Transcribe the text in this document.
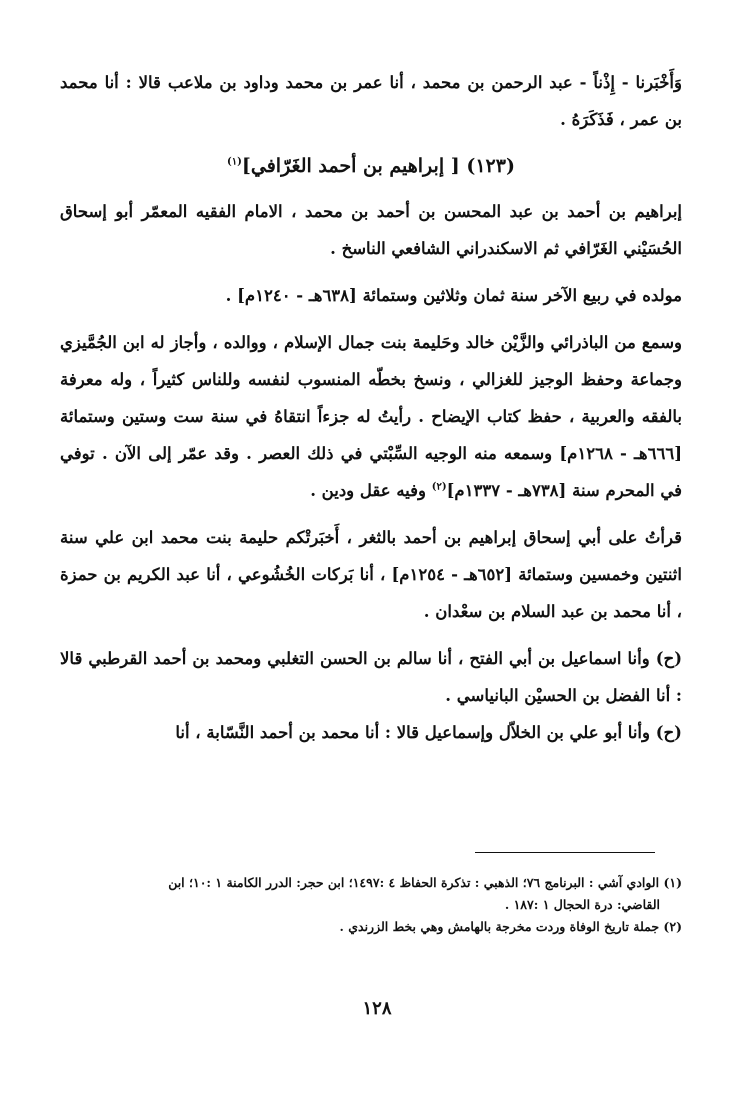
وَأَخْبَرنا - إِذْناً - عبد الرحمن بن محمد ، أنا عمر بن محمد وداود بن ملاعب قالا : أنا محمد بن عمر ، فَذَكَرَهُ .

(١٢٣) [ إبراهيم بن أحمد الغَرّافي]$^{(١)}$

إبراهيم بن أحمد بن عبد المحسن بن أحمد بن محمد ، الامام الفقيه المعمّر أبو إسحاق الحُسَيْني الغَرّافي ثم الاسكندراني الشافعي الناسخ .

مولده في ربيع الآخر سنة ثمان وثلاثين وستمائة [٦٣٨هـ - ١٢٤٠م] .

وسمع من الباذرائي والزَّيْن خالد وحَليمة بنت جمال الإسلام ، ووالده ، وأجاز له ابن الجُمَّيزي وجماعة وحفظ الوجيز للغزالي ، ونسخ بخطّه المنسوب لنفسه وللناس كثيراً ، وله معرفة بالفقه والعربية ، حفظ كتاب الإيضاح . رأيتُ له جزءاً انتقاهُ في سنة ست وستين وستمائة [٦٦٦هـ - ١٢٦٨م] وسمعه منه الوجيه السِّبْتي في ذلك العصر . وقد عمّر إلى الآن . توفي في المحرم سنة [٧٣٨هـ - ١٣٣٧م]$^{(٢)}$ وفيه عقل ودين .

قرأتُ على أبي إسحاق إبراهيم بن أحمد بالثغر ، أَخبَرتْكم حليمة بنت محمد ابن علي سنة اثنتين وخمسين وستمائة [٦٥٢هـ - ١٢٥٤م] ، أنا بَركات الخُشُوعي ، أنا عبد الكريم بن حمزة ، أنا محمد بن عبد السلام بن سعْدان .

(ح) وأنا اسماعيل بن أبي الفتح ، أنا سالم بن الحسن التغلبي ومحمد بن أحمد القرطبي قالا : أنا الفضل بن الحسيْن البانياسي .

(ح) وأنا أبو علي بن الخلاّل وإسماعيل قالا : أنا محمد بن أحمد النَّسّابة ، أنا

(١) الوادي آشي : البرنامج ٧٦؛ الذهبي : تذكرة الحفاظ ٤ :١٤٩٧؛ ابن حجر: الدرر الكامنة ١ :١٠؛ ابن

القاضي: درة الحجال ١ :١٨٧ .

(٢) جملة تاريخ الوفاة وردت مخرجة بالهامش وهي بخط الزرندي .

١٢٨
